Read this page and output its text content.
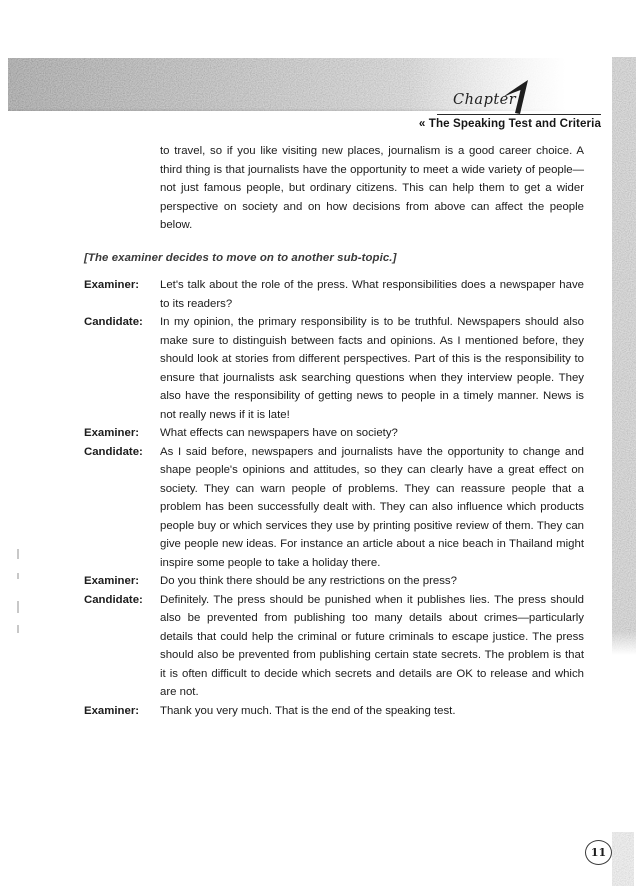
Chapter
« The Speaking Test and Criteria
to travel, so if you like visiting new places, journalism is a good career choice. A third thing is that journalists have the opportunity to meet a wide variety of people—not just famous people, but ordinary citizens. This can help them to get a wider perspective on society and on how decisions from above can affect the people below.
[The examiner decides to move on to another sub-topic.]
Examiner:	Let's talk about the role of the press. What responsibilities does a newspaper have to its readers?
Candidate:	In my opinion, the primary responsibility is to be truthful. Newspapers should also make sure to distinguish between facts and opinions. As I mentioned before, they should look at stories from different perspectives. Part of this is the responsibility to ensure that journalists ask searching questions when they interview people. They also have the responsibility of getting news to people in a timely manner. News is not really news if it is late!
Examiner:	What effects can newspapers have on society?
Candidate:	As I said before, newspapers and journalists have the opportunity to change and shape people's opinions and attitudes, so they can clearly have a great effect on society. They can warn people of problems. They can reassure people that a problem has been successfully dealt with. They can also influence which products people buy or which services they use by printing positive review of them. They can give people new ideas. For instance an article about a nice beach in Thailand might inspire some people to take a holiday there.
Examiner:	Do you think there should be any restrictions on the press?
Candidate:	Definitely. The press should be punished when it publishes lies. The press should also be prevented from publishing too many details about crimes—particularly details that could help the criminal or future criminals to escape justice. The press should also be prevented from publishing certain state secrets. The problem is that it is often difficult to decide which secrets and details are OK to release and which are not.
Examiner:	Thank you very much. That is the end of the speaking test.
11
